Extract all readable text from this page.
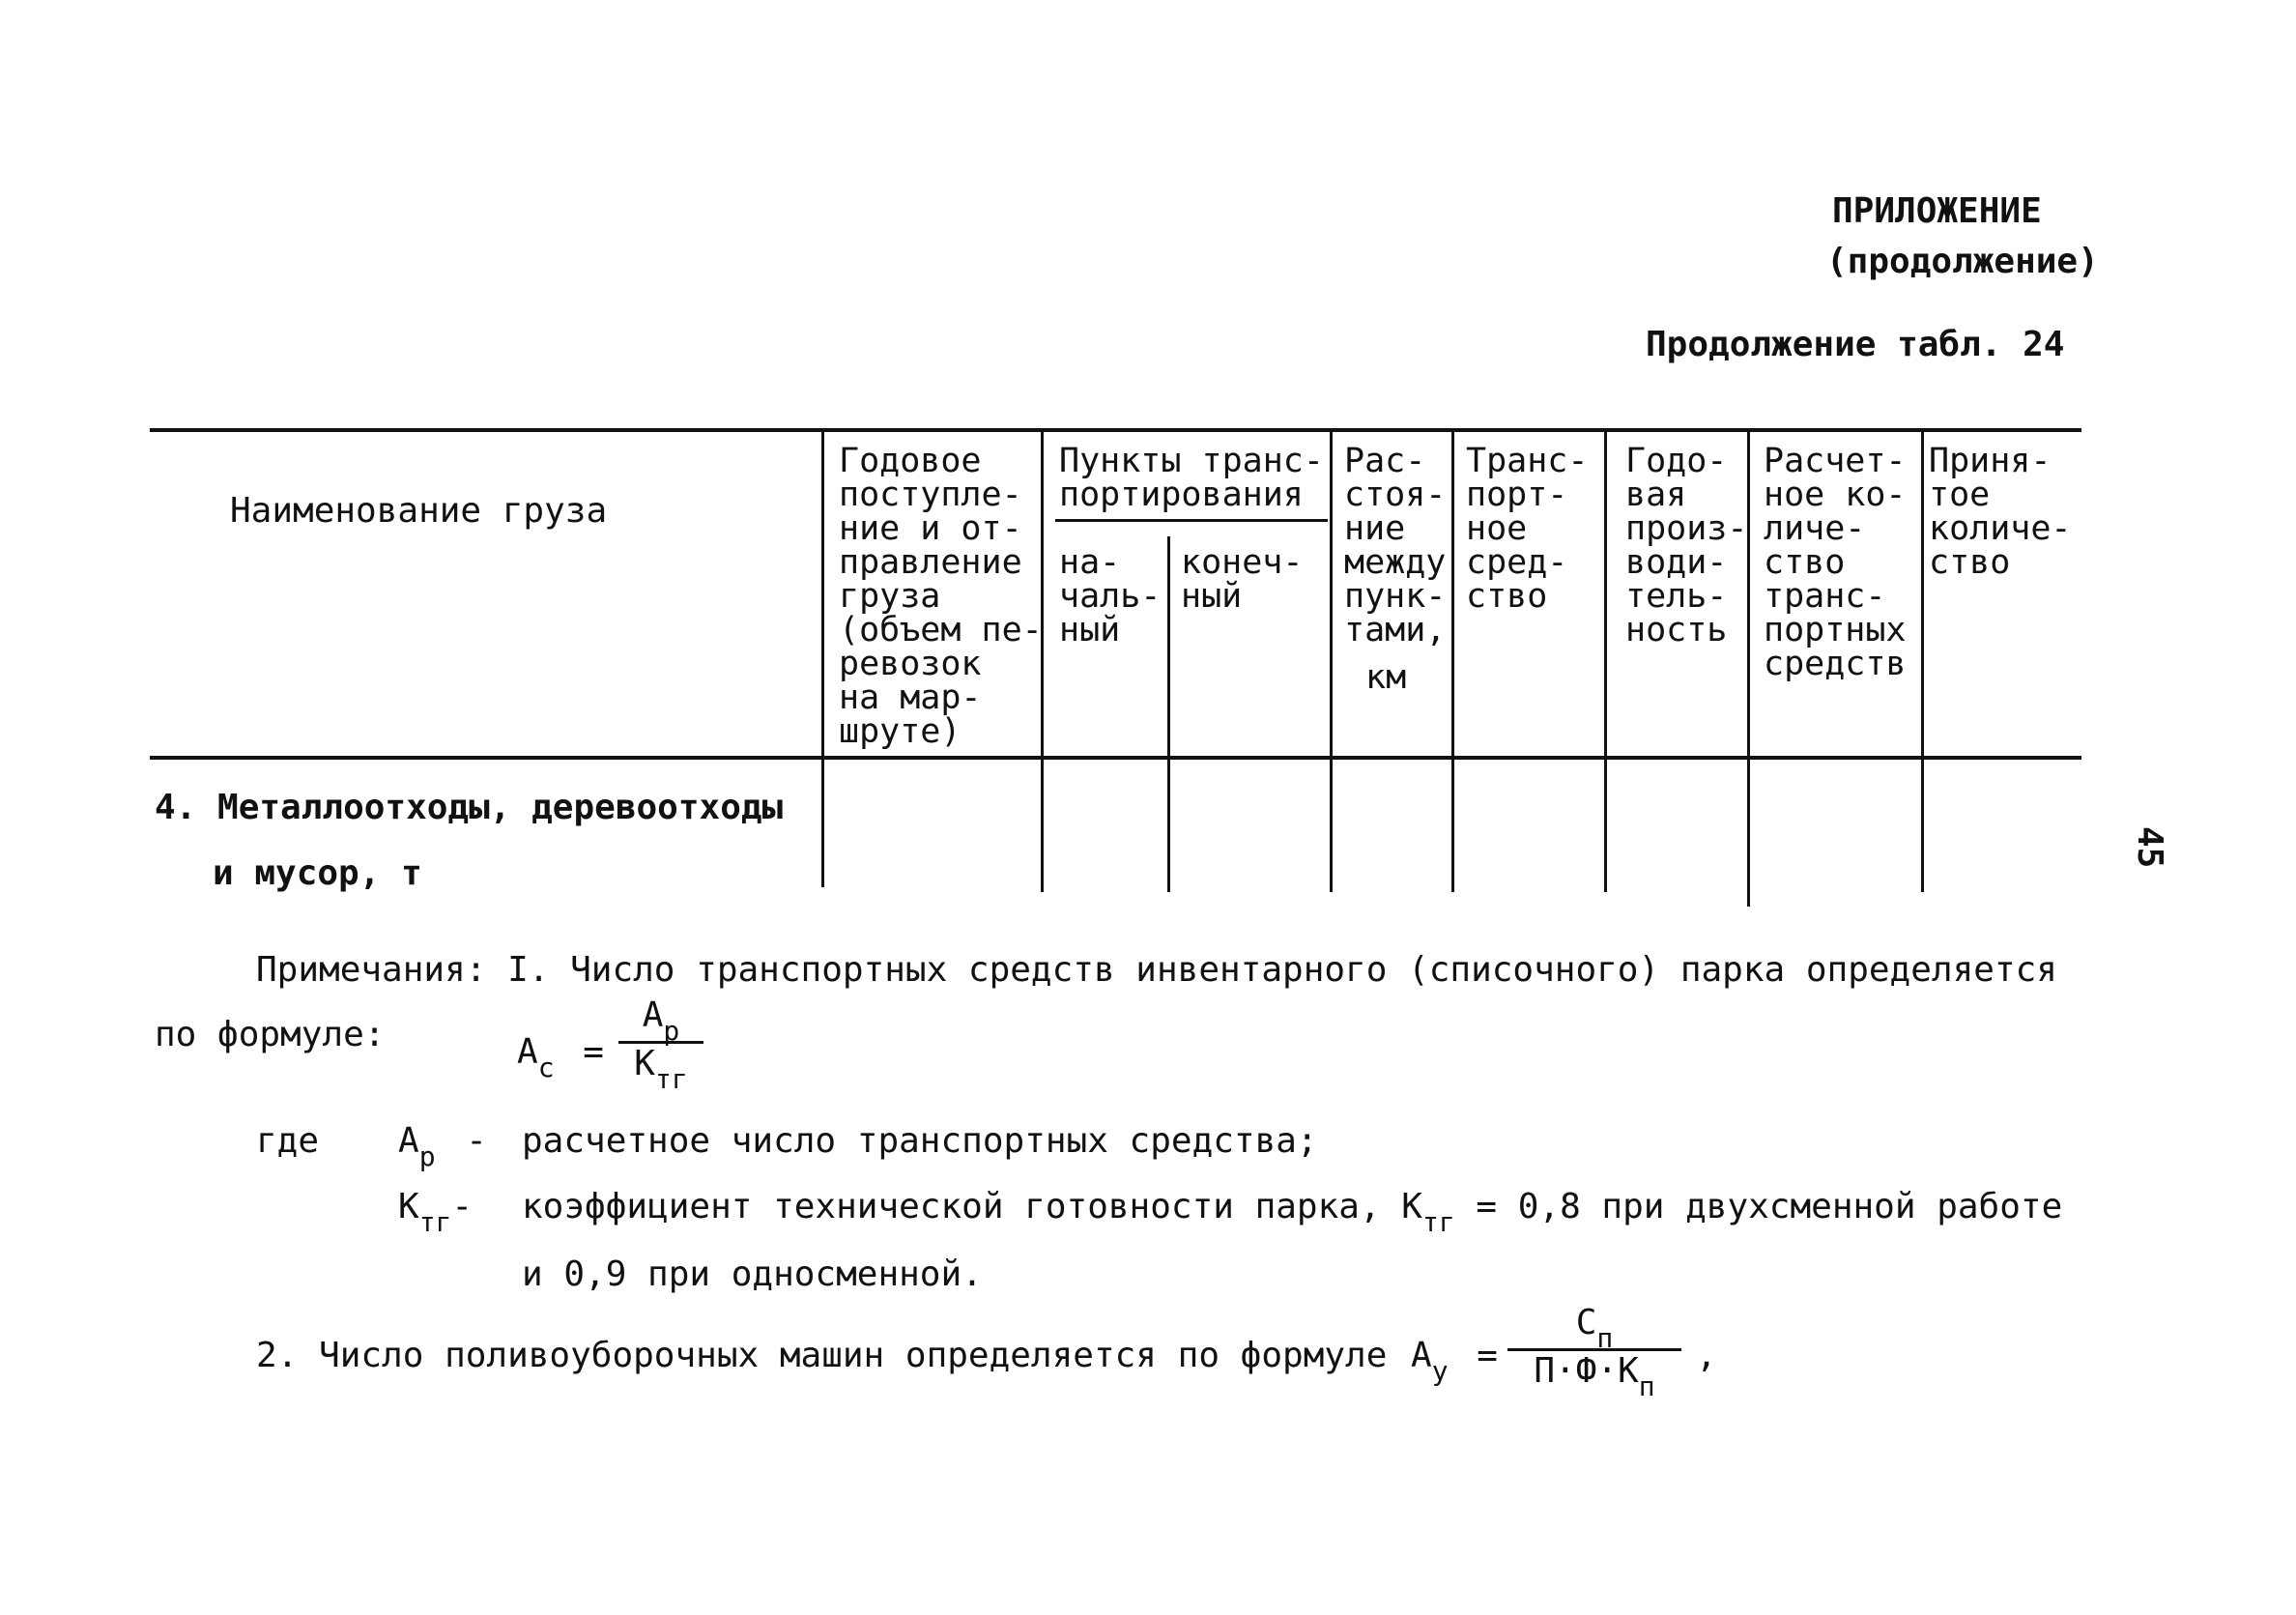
ПРИЛОЖЕНИЕ
(продолжение)
Продолжение табл. 24
45
Наименование груза
Годовое
поступле-
ние и от-
правление
груза
(объем пе-
ревозок
на мар-
шруте)
Пункты транс-
портирования
на-
чаль-
ный
конеч-
ный
Рас-
стоя-
ние
между
пунк-
тами,
км
Транс-
порт-
ное
сред-
ство
Годо-
вая
произ-
води-
тель-
ность
Расчет-
ное ко-
личе-
ство
транс-
портных
средств
Приня-
тое
количе-
ство
4. Металлоотходы, деревоотходы
и мусор, т
Примечания: I. Число транспортных средств инвентарного (списочного) парка определяется
по формуле:	$А_с$ =
$А_р$
$К_{тг}$
где $А_р$ - расчетное число транспортных средства;
$К_{тг}-$ коэффициент технической готовности парка, $К_{тг} = 0,8$ при двухсменной работе
и 0,9 при односменной.
2. Число поливоуборочных машин определяется по формуле $А_у$ =
$С_п$
$П\cdot Ф\cdot К_п$
,
